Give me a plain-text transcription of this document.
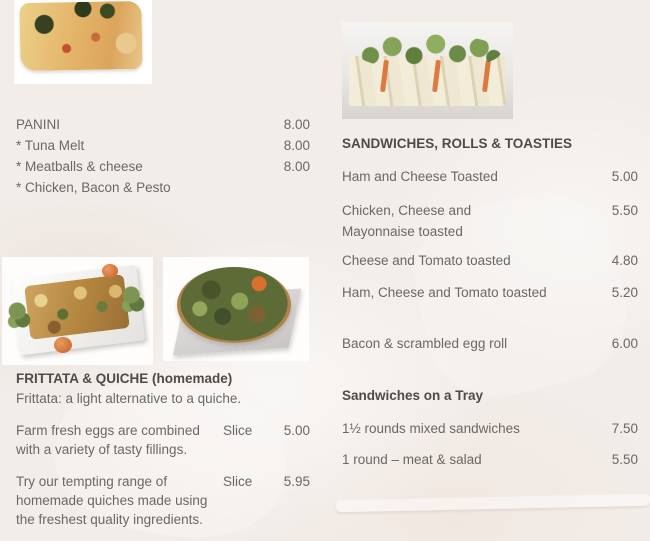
PANINI	8.00
* Tuna Melt	8.00
* Meatballs & cheese	8.00
* Chicken, Bacon & Pesto
FRITTATA & QUICHE (homemade)
Frittata: a light alternative to a quiche.
Farm fresh eggs are combined with a variety of tasty fillings.
Slice	5.00
Try our tempting range of homemade quiches made using the freshest quality ingredients.
Slice	5.95
SANDWICHES, ROLLS & TOASTIES
Ham and Cheese Toasted	5.00
Chicken, Cheese and Mayonnaise toasted
5.50
Cheese and Tomato toasted	4.80
Ham, Cheese and Tomato toasted	5.20
Bacon & scrambled egg roll	6.00
Sandwiches on a Tray
1½ rounds mixed sandwiches	7.50
1 round – meat & salad	5.50
